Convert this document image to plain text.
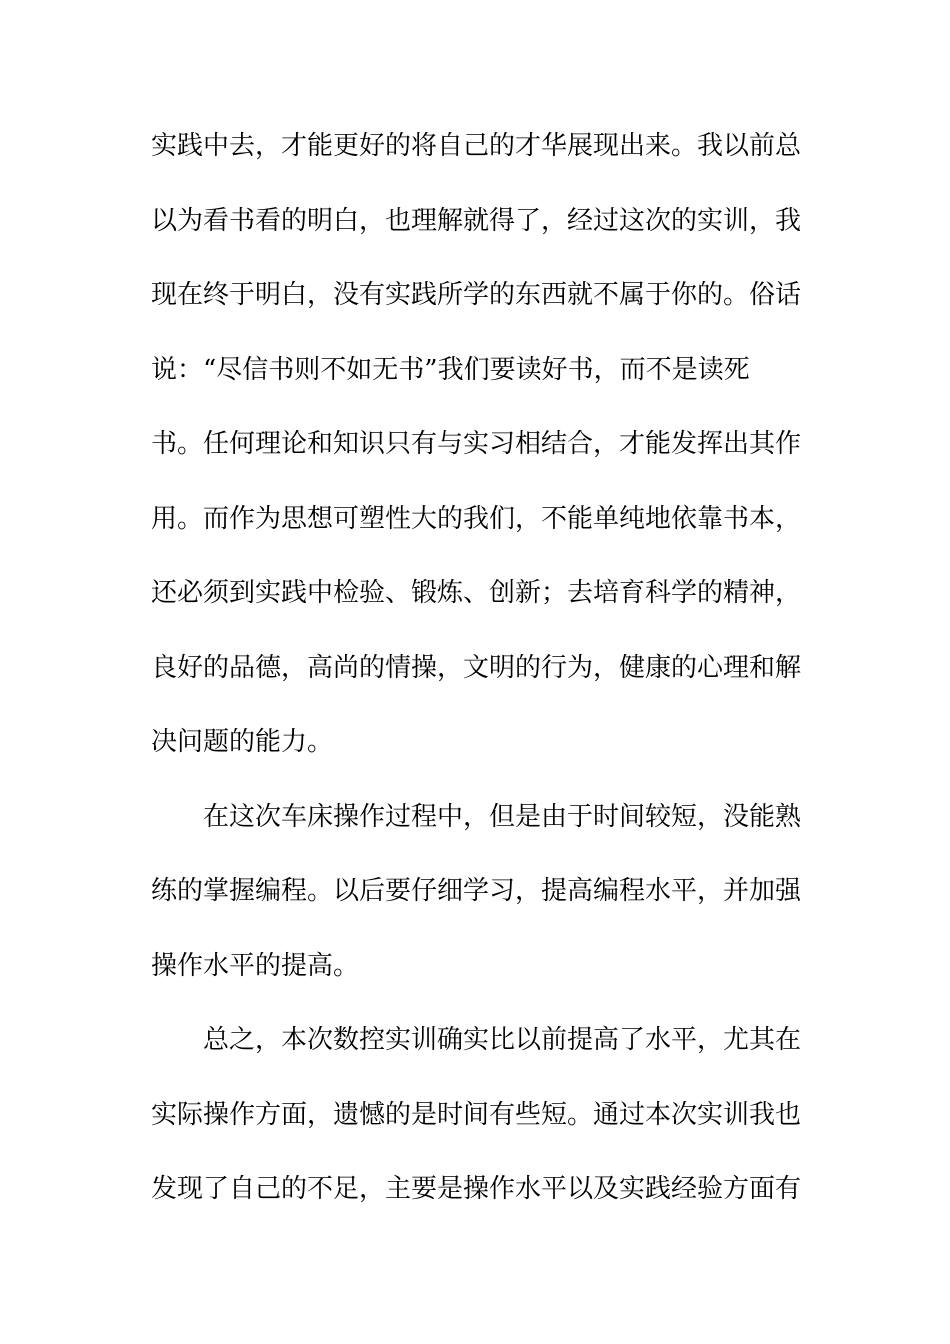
实践中去，才能更好的将自己的才华展现出来。我以前总
以为看书看的明白，也理解就得了，经过这次的实训，我
现在终于明白，没有实践所学的东西就不属于你的。俗话
说：“尽信书则不如无书”我们要读好书，而不是读死
书。任何理论和知识只有与实习相结合，才能发挥出其作
用。而作为思想可塑性大的我们，不能单纯地依靠书本，
还必须到实践中检验、锻炼、创新；去培育科学的精神，
良好的品德，高尚的情操，文明的行为，健康的心理和解
决问题的能力。
在这次车床操作过程中，但是由于时间较短，没能熟
练的掌握编程。以后要仔细学习，提高编程水平，并加强
操作水平的提高。
总之，本次数控实训确实比以前提高了水平，尤其在
实际操作方面，遗憾的是时间有些短。通过本次实训我也
发现了自己的不足，主要是操作水平以及实践经验方面有
